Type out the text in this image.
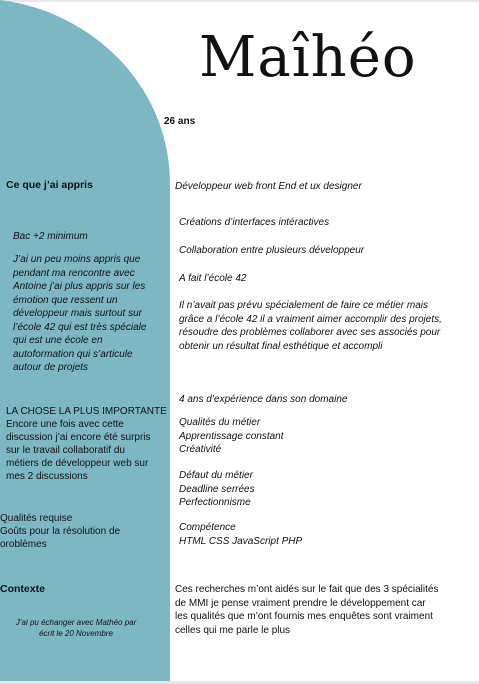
Maîhéo
26 ans
Ce que j’ai appris
Bac +2 minimum
J’ai un peu moins appris que
pendant ma rencontre avec
Antoine j’ai plus appris sur les
émotion que ressent un
développeur mais surtout sur
l’école 42 qui est très spéciale
qui est une école en
autoformation qui s’articule
autour de projets
LA CHOSE LA PLUS IMPORTANTE
Encore une fois avec cette
discussion j’ai encore été surpris
sur le travail collaboratif du
métiers de développeur web sur
mes 2 discussions
Qualités requise
Goûts pour la résolution de
oroblèmes
Contexte
J’ai pu échanger avec Mathéo par
écrit le 20 Novembre
Développeur web front End et ux designer
Créations d’interfaces intéractives
Collaboration entre plusieurs développeur
A fait l’école 42
Il n’avait pas prévu spécialement de faire ce métier mais
grâce a l’école 42 il a vraiment aimer accomplir des projets,
résoudre des problèmes collaborer avec ses associés pour
obtenir un résultat final esthétique et accompli
4 ans d’expérience dans son domaine
Qualités du métier
Apprentissage constant
Créativité
Défaut du métier
Deadline serrées
Perfectionnisme
Compétence
HTML CSS JavaScript PHP
Ces recherches m’ont aidés sur le fait que des 3 spécialités
de MMI je pense vraiment prendre le développement car
les qualités que m’ont fournis mes enquêtes sont vraiment
celles qui me parle le plus
